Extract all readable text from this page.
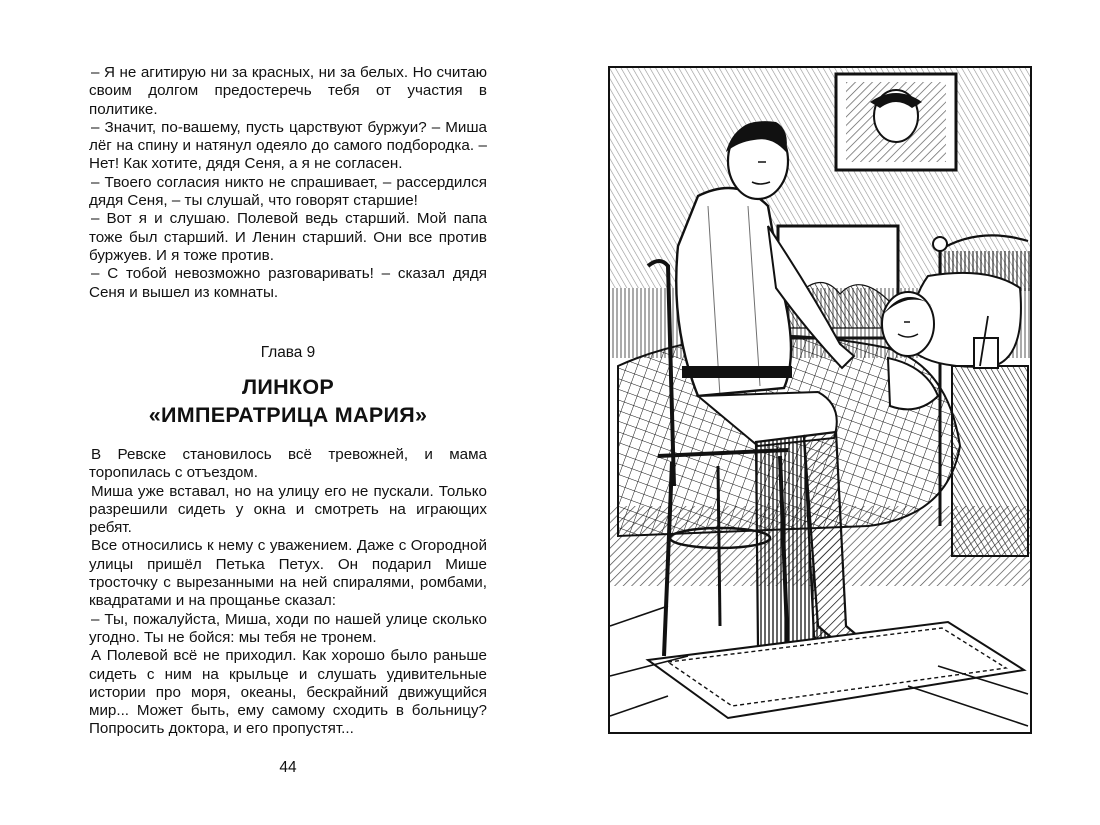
– Я не агитирую ни за красных, ни за белых. Но считаю своим долгом предостеречь тебя от участия в политике.

– Значит, по-вашему, пусть царствуют буржуи? – Миша лёг на спину и натянул одеяло до самого подбородка. – Нет! Как хотите, дядя Сеня, а я не согласен.

– Твоего согласия никто не спрашивает, – рассердился дядя Сеня, – ты слушай, что говорят старшие!

– Вот я и слушаю. Полевой ведь старший. Мой папа тоже был старший. И Ленин старший. Они все против буржуев. И я тоже против.

– С тобой невозможно разговаривать! – сказал дядя Сеня и вышел из комнаты.

Глава 9
ЛИНКОР
«ИМПЕРАТРИЦА МАРИЯ»

В Ревске становилось всё тревожней, и мама торопилась с отъездом.

Миша уже вставал, но на улицу его не пускали. Только разрешили сидеть у окна и смотреть на играющих ребят.

Все относились к нему с уважением. Даже с Огородной улицы пришёл Петька Петух. Он подарил Мише тросточку с вырезанными на ней спиралями, ромбами, квадратами и на прощанье сказал:

– Ты, пожалуйста, Миша, ходи по нашей улице сколько угодно. Ты не бойся: мы тебя не тронем.

А Полевой всё не приходил. Как хорошо было раньше сидеть с ним на крыльце и слушать удивительные истории про моря, океаны, бескрайний движущийся мир... Может быть, ему самому сходить в больницу? Попросить доктора, и его пропустят...

44
